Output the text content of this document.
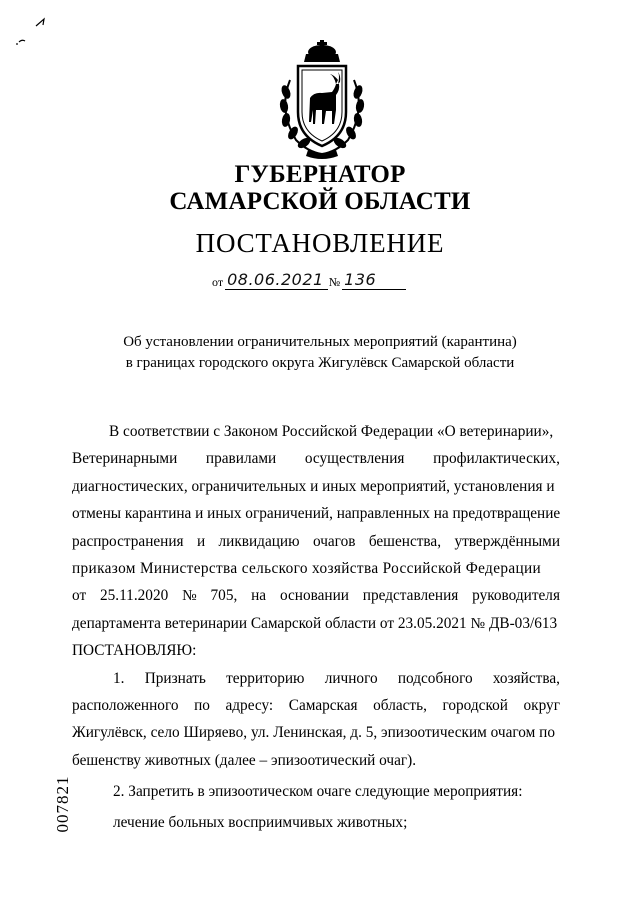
ГУБЕРНАТОР
САМАРСКОЙ ОБЛАСТИ
ПОСТАНОВЛЕНИЕ
от 08.06.2021 № 136
Об установлении ограничительных мероприятий (карантина)
в границах городского округа Жигулёвск Самарской области
В соответствии с Законом Российской Федерации «О ветеринарии»,
Ветеринарными правилами осуществления профилактических,
диагностических, ограничительных и иных мероприятий, установления и
отмены карантина и иных ограничений, направленных на предотвращение
распространения и ликвидацию очагов бешенства, утверждёнными
приказом Министерства сельского хозяйства Российской Федерации
от 25.11.2020 № 705, на основании представления руководителя
департамента ветеринарии Самарской области от 23.05.2021 № ДВ-03/613
ПОСТАНОВЛЯЮ:
1. Признать территорию личного подсобного хозяйства,
расположенного по адресу: Самарская область, городской округ
Жигулёвск, село Ширяево, ул. Ленинская, д. 5, эпизоотическим очагом по
бешенству животных (далее – эпизоотический очаг).
2. Запретить в эпизоотическом очаге следующие мероприятия:
лечение больных восприимчивых животных;
007821
